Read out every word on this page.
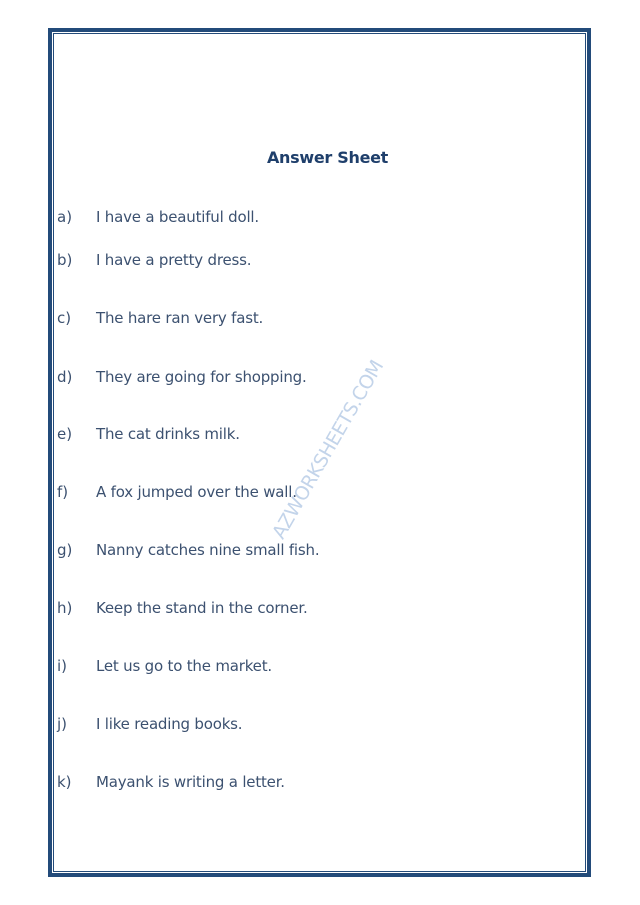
AZWORKSHEETS.COM
Answer Sheet
a) I have a beautiful doll.
b) I have a pretty dress.
c) The hare ran very fast.
d) They are going for shopping.
e) The cat drinks milk.
f) A fox jumped over the wall.
g) Nanny catches nine small fish.
h) Keep the stand in the corner.
i) Let us go to the market.
j) I like reading books.
k) Mayank is writing a letter.
